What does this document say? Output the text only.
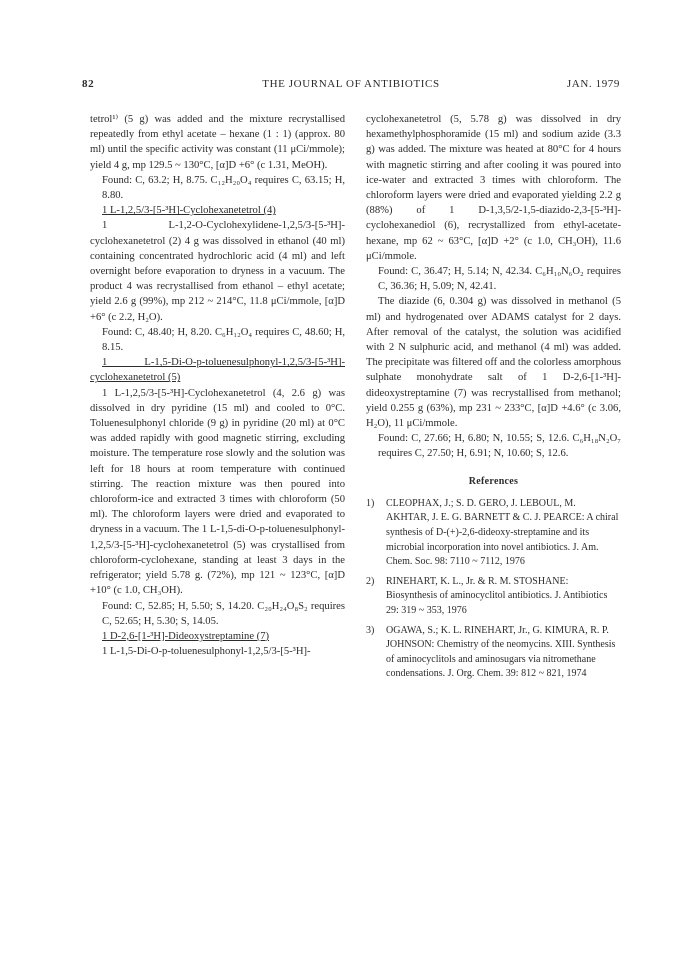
82	THE JOURNAL OF ANTIBIOTICS	JAN. 1979

tetrol¹⁾ (5 g) was added and the mixture recrystallised repeatedly from ethyl acetate – hexane (1 : 1) (approx. 80 ml) until the specific activity was constant (11 μCi/mmole); yield 4 g, mp 129.5 ~ 130°C, [α]D +6° (c 1.31, MeOH).

Found: C, 63.2; H, 8.75. C₁₂H₂₀O₄ requires C, 63.15; H, 8.80.

1 L-1,2,5/3-[5-³H]-Cyclohexanetetrol (4)

1 L-1,2-O-Cyclohexylidene-1,2,5/3-[5-³H]-cyclohexanetetrol (2) 4 g was dissolved in ethanol (40 ml) containing concentrated hydrochloric acid (4 ml) and left overnight before evaporation to dryness in a vacuum. The product 4 was recrystallised from ethanol – ethyl acetate; yield 2.6 g (99%), mp 212 ~ 214°C, 11.8 μCi/mmole, [α]D +6° (c 2.2, H₂O).

Found: C, 48.40; H, 8.20. C₆H₁₂O₄ requires C, 48.60; H, 8.15.

1 L-1,5-Di-O-p-toluenesulphonyl-1,2,5/3-[5-³H]-cyclohexanetetrol (5)

1 L-1,2,5/3-[5-³H]-Cyclohexanetetrol (4, 2.6 g) was dissolved in dry pyridine (15 ml) and cooled to 0°C. Toluenesulphonyl chloride (9 g) in pyridine (20 ml) at 0°C was added rapidly with good magnetic stirring, excluding moisture. The temperature rose slowly and the solution was left for 18 hours at room temperature with continued stirring. The reaction mixture was then poured into chloroform-ice and extracted 3 times with chloroform (50 ml). The chloroform layers were dried and evaporated to dryness in a vacuum. The 1 L-1,5-di-O-p-toluenesulphonyl-1,2,5/3-[5-³H]-cyclohexanetetrol (5) was crystallised from chloroform-cyclohexane, standing at least 3 days in the refrigerator; yield 5.78 g. (72%), mp 121 ~ 123°C, [α]D +10° (c 1.0, CH₃OH).

Found: C, 52.85; H, 5.50; S, 14.20. C₂₀H₂₄O₈S₂ requires C, 52.65; H, 5.30; S, 14.05.

1 D-2,6-[1-³H]-Dideoxystreptamine (7)

1 L-1,5-Di-O-p-toluenesulphonyl-1,2,5/3-[5-³H]-

cyclohexanetetrol (5, 5.78 g) was dissolved in dry hexamethylphosphoramide (15 ml) and sodium azide (3.3 g) was added. The mixture was heated at 80°C for 4 hours with magnetic stirring and after cooling it was poured into ice-water and extracted 3 times with chloroform. The chloroform layers were dried and evaporated yielding 2.2 g (88%) of 1 D-1,3,5/2-1,5-diazido-2,3-[5-³H]-cyclohexanediol (6), recrystallized from ethyl-acetate-hexane, mp 62 ~ 63°C, [α]D +2° (c 1.0, CH₃OH), 11.6 μCi/mmole.

Found: C, 36.47; H, 5.14; N, 42.34. C₆H₁₀N₆O₂ requires C, 36.36; H, 5.09; N, 42.41.

The diazide (6, 0.304 g) was dissolved in methanol (5 ml) and hydrogenated over ADAMS catalyst for 2 days. After removal of the catalyst, the solution was acidified with 2 N sulphuric acid, and methanol (4 ml) was added. The precipitate was filtered off and the colorless amorphous sulphate monohydrate salt of 1 D-2,6-[1-³H]-dideoxystreptamine (7) was recrystallised from methanol; yield 0.255 g (63%), mp 231 ~ 233°C, [α]D +4.6° (c 3.06, H₂O), 11 μCi/mmole.

Found: C, 27.66; H, 6.80; N, 10.55; S, 12.6. C₆H₁₈N₂O₇ requires C, 27.50; H, 6.91; N, 10.60; S, 12.6.

References
1)	CLEOPHAX, J.; S. D. GERO, J. LEBOUL, M. AKHTAR, J. E. G. BARNETT & C. J. PEARCE: A chiral synthesis of D-(+)-2,6-dideoxy-streptamine and its microbial incorporation into novel antibiotics. J. Am. Chem. Soc. 98: 7110 ~ 7112, 1976
2)	RINEHART, K. L., Jr. & R. M. STOSHANE: Biosynthesis of aminocyclitol antibiotics. J. Antibiotics 29: 319 ~ 353, 1976
3)	OGAWA, S.; K. L. RINEHART, Jr., G. KIMURA, R. P. JOHNSON: Chemistry of the neomycins. XIII. Synthesis of aminocyclitols and aminosugars via nitromethane condensations. J. Org. Chem. 39: 812 ~ 821, 1974
